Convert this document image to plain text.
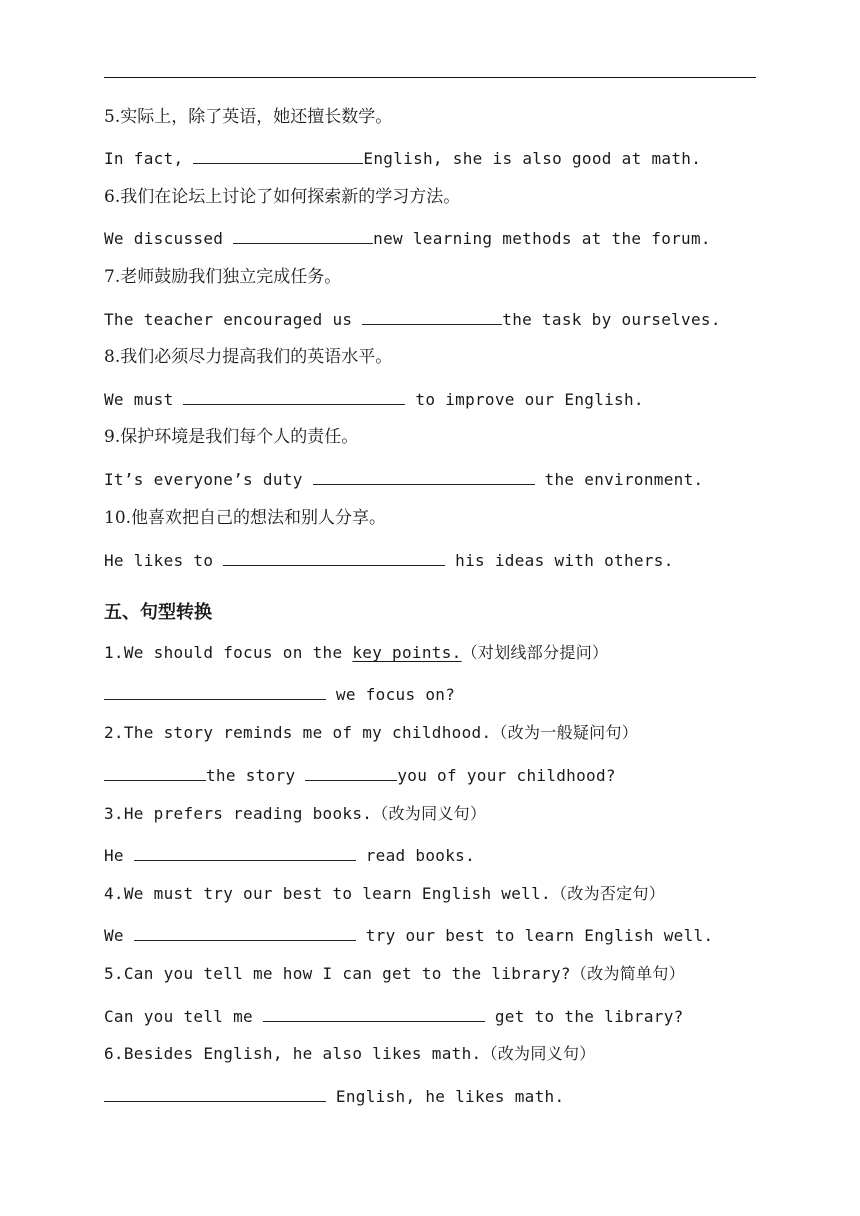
5.实际上，除了英语，她还擅长数学。
In fact,	English, she is also good at math.
6.我们在论坛上讨论了如何探索新的学习方法。
We discussed	new learning methods at the forum.
7.老师鼓励我们独立完成任务。
The teacher encouraged us	the task by ourselves.
8.我们必须尽力提高我们的英语水平。
We must	to improve our English.
9.保护环境是我们每个人的责任。
It’s everyone’s duty	the environment.
10.他喜欢把自己的想法和别人分享。
He likes to	his ideas with others.
五、句型转换
1.We should focus on the key points.（对划线部分提问）
we focus on?
2.The story reminds me of my childhood.（改为一般疑问句）
the story	you of your childhood?
3.He prefers reading books.（改为同义句）
He	read books.
4.We must try our best to learn English well.（改为否定句）
We	try our best to learn English well.
5.Can you tell me how I can get to the library?（改为简单句）
Can you tell me	get to the library?
6.Besides English, he also likes math.（改为同义句）
English, he likes math.
